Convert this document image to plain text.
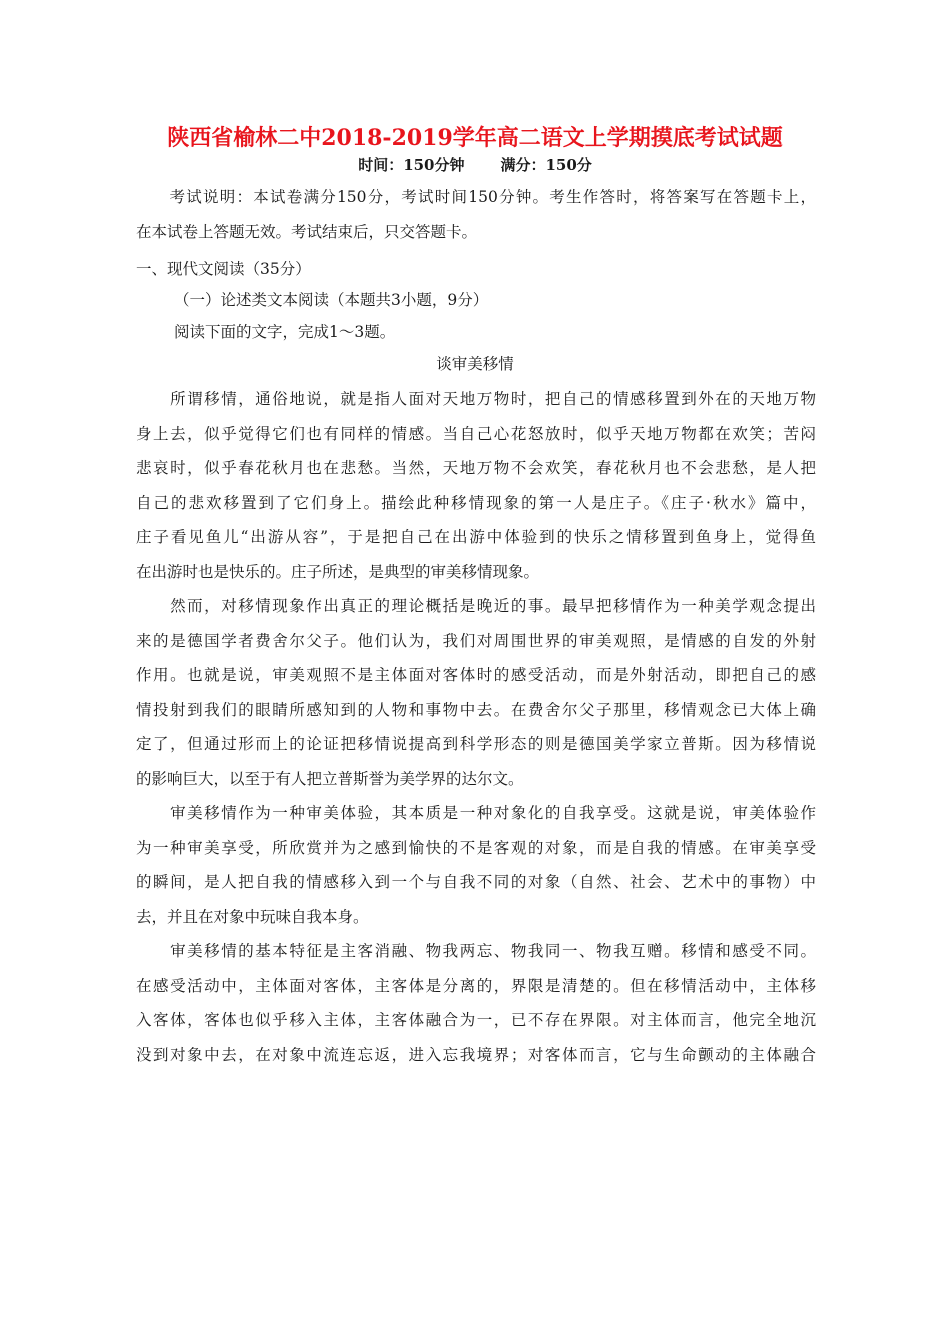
陕西省榆林二中2018-2019学年高二语文上学期摸底考试试题
时间：150分钟 满分：150分
　　考试说明：本试卷满分150分，考试时间150分钟。考生作答时，将答案写在答题卡上，
在本试卷上答题无效。考试结束后，只交答题卡。
一、现代文阅读（35分）
（一）论述类文本阅读（本题共3小题，9分）
阅读下面的文字，完成1～3题。
谈审美移情
　　所谓移情，通俗地说，就是指人面对天地万物时，把自己的情感移置到外在的天地万物
身上去，似乎觉得它们也有同样的情感。当自己心花怒放时，似乎天地万物都在欢笑；苦闷
悲哀时，似乎春花秋月也在悲愁。当然，天地万物不会欢笑，春花秋月也不会悲愁，是人把
自己的悲欢移置到了它们身上。描绘此种移情现象的第一人是庄子。《庄子·秋水》篇中，
庄子看见鱼儿“出游从容”，于是把自己在出游中体验到的快乐之情移置到鱼身上，觉得鱼
在出游时也是快乐的。庄子所述，是典型的审美移情现象。
　　然而，对移情现象作出真正的理论概括是晚近的事。最早把移情作为一种美学观念提出
来的是德国学者费舍尔父子。他们认为，我们对周围世界的审美观照，是情感的自发的外射
作用。也就是说，审美观照不是主体面对客体时的感受活动，而是外射活动，即把自己的感
情投射到我们的眼睛所感知到的人物和事物中去。在费舍尔父子那里，移情观念已大体上确
定了，但通过形而上的论证把移情说提高到科学形态的则是德国美学家立普斯。因为移情说
的影响巨大，以至于有人把立普斯誉为美学界的达尔文。
　　审美移情作为一种审美体验，其本质是一种对象化的自我享受。这就是说，审美体验作
为一种审美享受，所欣赏并为之感到愉快的不是客观的对象，而是自我的情感。在审美享受
的瞬间，是人把自我的情感移入到一个与自我不同的对象（自然、社会、艺术中的事物）中
去，并且在对象中玩味自我本身。
　　审美移情的基本特征是主客消融、物我两忘、物我同一、物我互赠。移情和感受不同。
在感受活动中，主体面对客体，主客体是分离的，界限是清楚的。但在移情活动中，主体移
入客体，客体也似乎移入主体，主客体融合为一，已不存在界限。对主体而言，他完全地沉
没到对象中去，在对象中流连忘返，进入忘我境界；对客体而言，它与生命颤动的主体融合
